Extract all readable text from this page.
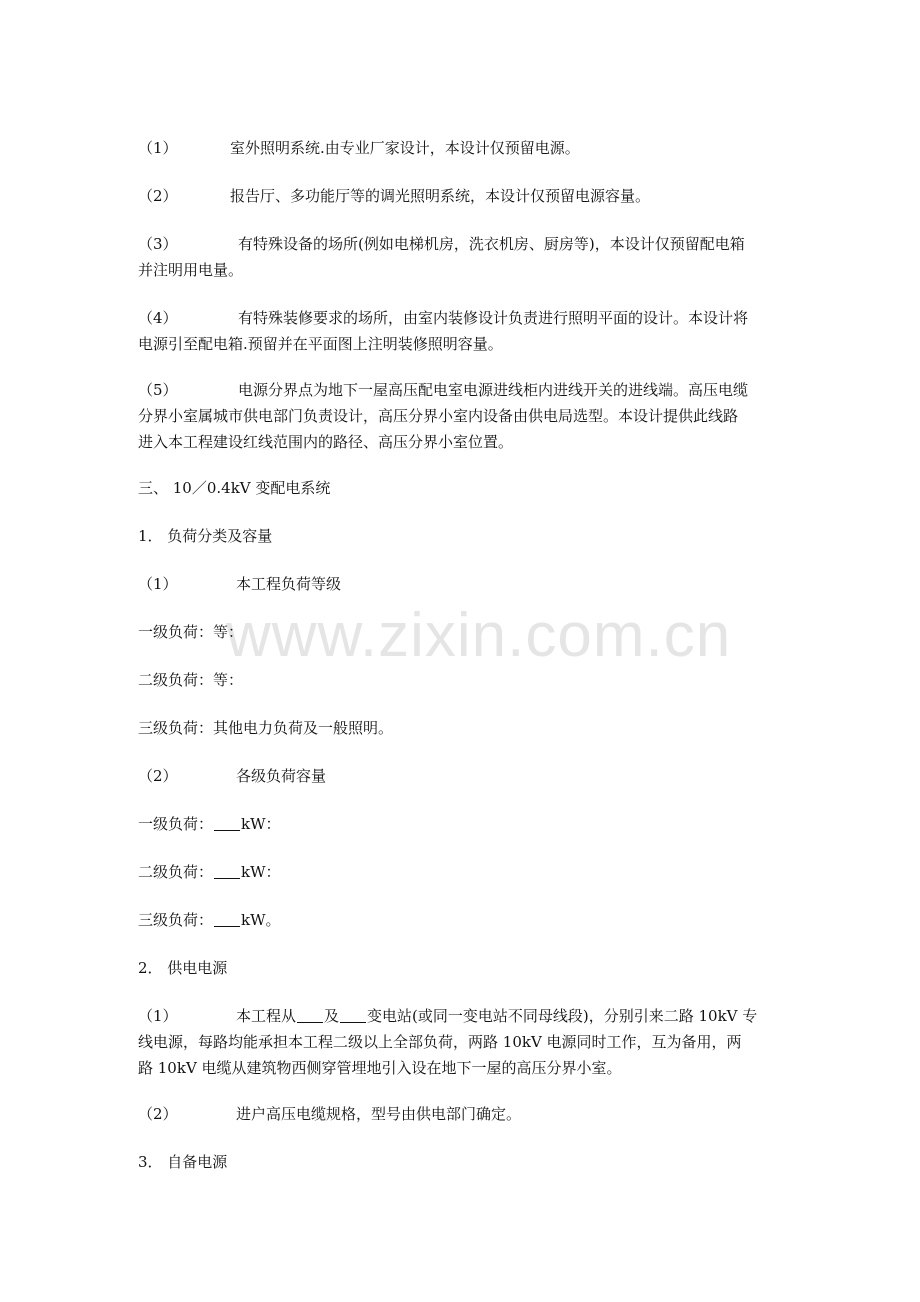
www.zixin.com.cn

（1）	室外照明系统.由专业厂家设计，本设计仅预留电源。

（2）	报告厅、多功能厅等的调光照明系统，本设计仅预留电源容量。

（3）	有特殊设备的场所(例如电梯机房，洗衣机房、厨房等)，本设计仅预留配电箱

并注明用电量。

（4）	有特殊装修要求的场所，由室内装修设计负责进行照明平面的设计。本设计将

电源引至配电箱.预留并在平面图上注明装修照明容量。

（5）	电源分界点为地下一屋高压配电室电源进线柜内进线开关的进线端。高压电缆

分界小室属城市供电部门负责设计，高压分界小室内设备由供电局选型。本设计提供此线路

进入本工程建设红线范围内的路径、高压分界小室位置。

三、 10／0.4kV 变配电系统

1． 负荷分类及容量

（1）	本工程负荷等级

一级负荷：等：

二级负荷：等：

三级负荷：其他电力负荷及一般照明。

（2）	各级负荷容量

一级负荷： kW：

二级负荷： kW：

三级负荷： kW。

2． 供电电源

（1）	本工程从 及 变电站(或同一变电站不同母线段)，分别引来二路 10kV 专

线电源，每路均能承担本工程二级以上全部负荷，两路 10kV 电源同时工作，互为备用，两

路 10kV 电缆从建筑物西侧穿管埋地引入设在地下一屋的高压分界小室。

（2）	进户高压电缆规格，型号由供电部门确定。

3． 自备电源
